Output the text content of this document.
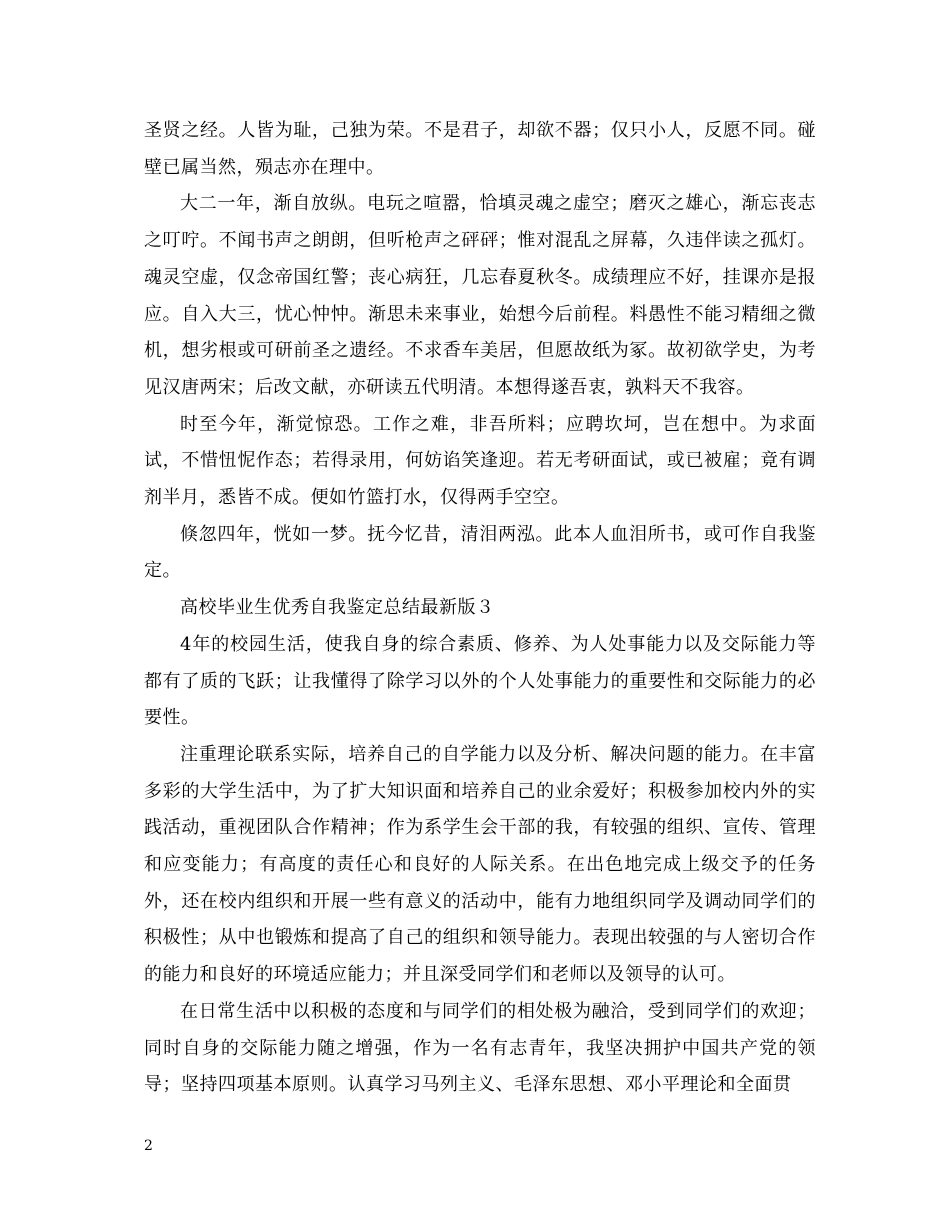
圣贤之经。人皆为耻，己独为荣。不是君子，却欲不器；仅只小人，反愿不同。碰壁已属当然，殒志亦在理中。

大二一年，渐自放纵。电玩之喧嚣，恰填灵魂之虚空；磨灭之雄心，渐忘丧志之叮咛。不闻书声之朗朗，但听枪声之砰砰；惟对混乱之屏幕，久违伴读之孤灯。魂灵空虚，仅念帝国红警；丧心病狂，几忘春夏秋冬。成绩理应不好，挂课亦是报应。自入大三，忧心忡忡。渐思未来事业，始想今后前程。料愚性不能习精细之微机，想劣根或可研前圣之遗经。不求香车美居，但愿故纸为冢。故初欲学史，为考见汉唐两宋；后改文献，亦研读五代明清。本想得遂吾衷，孰料天不我容。

时至今年，渐觉惊恐。工作之难，非吾所料；应聘坎坷，岂在想中。为求面试，不惜忸怩作态；若得录用，何妨谄笑逢迎。若无考研面试，或已被雇；竟有调剂半月，悉皆不成。便如竹篮打水，仅得两手空空。

倏忽四年，恍如一梦。抚今忆昔，清泪两泓。此本人血泪所书，或可作自我鉴定。

高校毕业生优秀自我鉴定总结最新版３

4年的校园生活，使我自身的综合素质、修养、为人处事能力以及交际能力等都有了质的飞跃；让我懂得了除学习以外的个人处事能力的重要性和交际能力的必要性。

注重理论联系实际，培养自己的自学能力以及分析、解决问题的能力。在丰富多彩的大学生活中，为了扩大知识面和培养自己的业余爱好；积极参加校内外的实践活动，重视团队合作精神；作为系学生会干部的我，有较强的组织、宣传、管理和应变能力；有高度的责任心和良好的人际关系。在出色地完成上级交予的任务外，还在校内组织和开展一些有意义的活动中，能有力地组织同学及调动同学们的积极性；从中也锻炼和提高了自己的组织和领导能力。表现出较强的与人密切合作的能力和良好的环境适应能力；并且深受同学们和老师以及领导的认可。

在日常生活中以积极的态度和与同学们的相处极为融洽，受到同学们的欢迎；同时自身的交际能力随之增强，作为一名有志青年，我坚决拥护中国共产党的领导；坚持四项基本原则。认真学习马列主义、毛泽东思想、邓小平理论和全面贯

2
